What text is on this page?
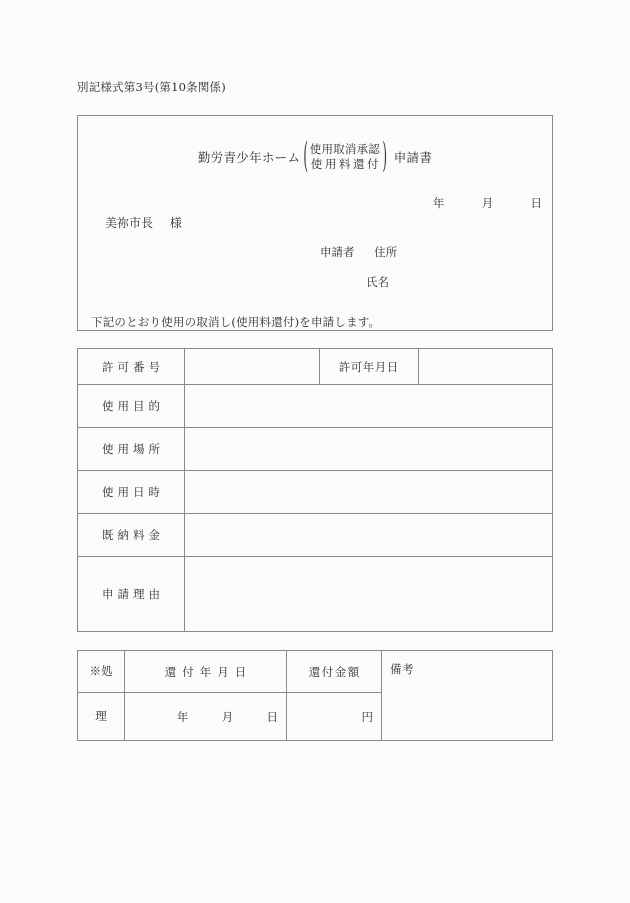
別記様式第3号(第10条関係)
勤労青少年ホーム ( 使用取消承認
使用料還付 ) 申請書
年	月	日
美祢市長 様
申請者 住所
氏名
下記のとおり使用の取消し(使用料還付)を申請します。
許可番号		許可年月日	
使用目的			
使用場所			
使用日時			
既納料金			
申請理由			
※処	還付年月日	還付金額	備考
理	年 月 日	円	
